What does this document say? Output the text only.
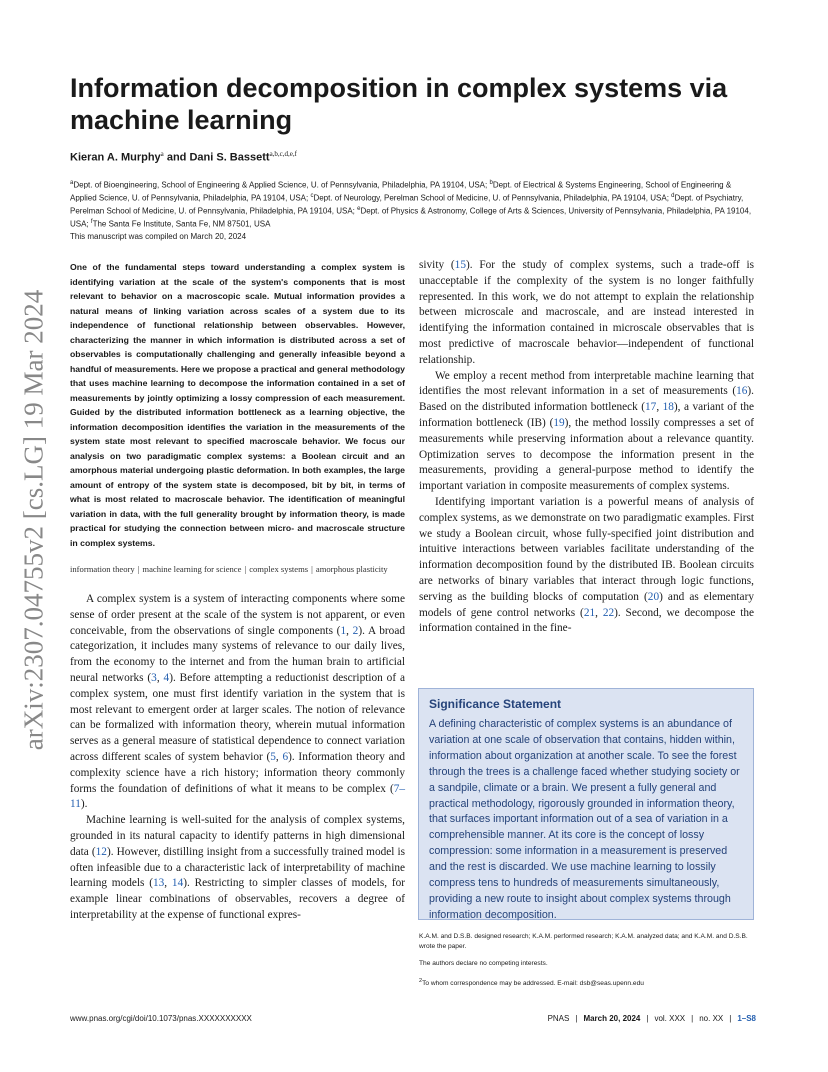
arXiv:2307.04755v2 [cs.LG] 19 Mar 2024
Information decomposition in complex systems via machine learning
Kieran A. Murphy$^a$ and Dani S. Bassett$^{a,b,c,d,e,f}$
$^a$Dept. of Bioengineering, School of Engineering & Applied Science, U. of Pennsylvania, Philadelphia, PA 19104, USA; $^b$Dept. of Electrical & Systems Engineering, School of Engineering & Applied Science, U. of Pennsylvania, Philadelphia, PA 19104, USA; $^c$Dept. of Neurology, Perelman School of Medicine, U. of Pennsylvania, Philadelphia, PA 19104, USA; $^d$Dept. of Psychiatry, Perelman School of Medicine, U. of Pennsylvania, Philadelphia, PA 19104, USA; $^e$Dept. of Physics & Astronomy, College of Arts & Sciences, University of Pennsylvania, Philadelphia, PA 19104, USA; $^f$The Santa Fe Institute, Santa Fe, NM 87501, USA
This manuscript was compiled on March 20, 2024

One of the fundamental steps toward understanding a complex system is identifying variation at the scale of the system's components that is most relevant to behavior on a macroscopic scale. Mutual information provides a natural means of linking variation across scales of a system due to its independence of functional relationship between observables. However, characterizing the manner in which information is distributed across a set of observables is computationally challenging and generally infeasible beyond a handful of measurements. Here we propose a practical and general methodology that uses machine learning to decompose the information contained in a set of measurements by jointly optimizing a lossy compression of each measurement. Guided by the distributed information bottleneck as a learning objective, the information decomposition identifies the variation in the measurements of the system state most relevant to specified macroscale behavior. We focus our analysis on two paradigmatic complex systems: a Boolean circuit and an amorphous material undergoing plastic deformation. In both examples, the large amount of entropy of the system state is decomposed, bit by bit, in terms of what is most related to macroscale behavior. The identification of meaningful variation in data, with the full generality brought by information theory, is made practical for studying the connection between micro- and macroscale structure in complex systems.

information theory | machine learning for science | complex systems | amorphous plasticity

A complex system is a system of interacting components where some sense of order present at the scale of the system is not apparent, or even conceivable, from the observations of single components (1, 2). A broad categorization, it includes many systems of relevance to our daily lives, from the economy to the internet and from the human brain to artificial neural networks (3, 4). Before attempting a reductionist description of a complex system, one must first identify variation in the system that is most relevant to emergent order at larger scales. The notion of relevance can be formalized with information theory, wherein mutual information serves as a general measure of statistical dependence to connect variation across different scales of system behavior (5, 6). Information theory and complexity science have a rich history; information theory commonly forms the foundation of definitions of what it means to be complex (7–11).

Machine learning is well-suited for the analysis of complex systems, grounded in its natural capacity to identify patterns in high dimensional data (12). However, distilling insight from a successfully trained model is often infeasible due to a characteristic lack of interpretability of machine learning models (13, 14). Restricting to simpler classes of models, for example linear combinations of observables, recovers a degree of interpretability at the expense of functional expres-

sivity (15). For the study of complex systems, such a trade-off is unacceptable if the complexity of the system is no longer faithfully represented. In this work, we do not attempt to explain the relationship between microscale and macroscale, and are instead interested in identifying the information contained in microscale observables that is most predictive of macroscale behavior—independent of functional relationship.

We employ a recent method from interpretable machine learning that identifies the most relevant information in a set of measurements (16). Based on the distributed information bottleneck (17, 18), a variant of the information bottleneck (IB) (19), the method lossily compresses a set of measurements while preserving information about a relevance quantity. Optimization serves to decompose the information present in the measurements, providing a general-purpose method to identify the important variation in composite measurements of complex systems.

Identifying important variation is a powerful means of analysis of complex systems, as we demonstrate on two paradigmatic examples. First we study a Boolean circuit, whose fully-specified joint distribution and intuitive interactions between variables facilitate understanding of the information decomposition found by the distributed IB. Boolean circuits are networks of binary variables that interact through logic functions, serving as the building blocks of computation (20) and as elementary models of gene control networks (21, 22). Second, we decompose the information contained in the fine-

Significance Statement

A defining characteristic of complex systems is an abundance of variation at one scale of observation that contains, hidden within, information about organization at another scale. To see the forest through the trees is a challenge faced whether studying society or a sandpile, climate or a brain. We present a fully general and practical methodology, rigorously grounded in information theory, that surfaces important information out of a sea of variation in a comprehensible manner. At its core is the concept of lossy compression: some information in a measurement is preserved and the rest is discarded. We use machine learning to lossily compress tens to hundreds of measurements simultaneously, providing a new route to insight about complex systems through information decomposition.

K.A.M. and D.S.B. designed research; K.A.M. performed research; K.A.M. analyzed data; and K.A.M. and D.S.B. wrote the paper.

The authors declare no competing interests.

$^2$To whom correspondence may be addressed. E-mail: dsb@seas.upenn.edu

www.pnas.org/cgi/doi/10.1073/pnas.XXXXXXXXXX	PNAS | March 20, 2024 | vol. XXX | no. XX | 1–S8
